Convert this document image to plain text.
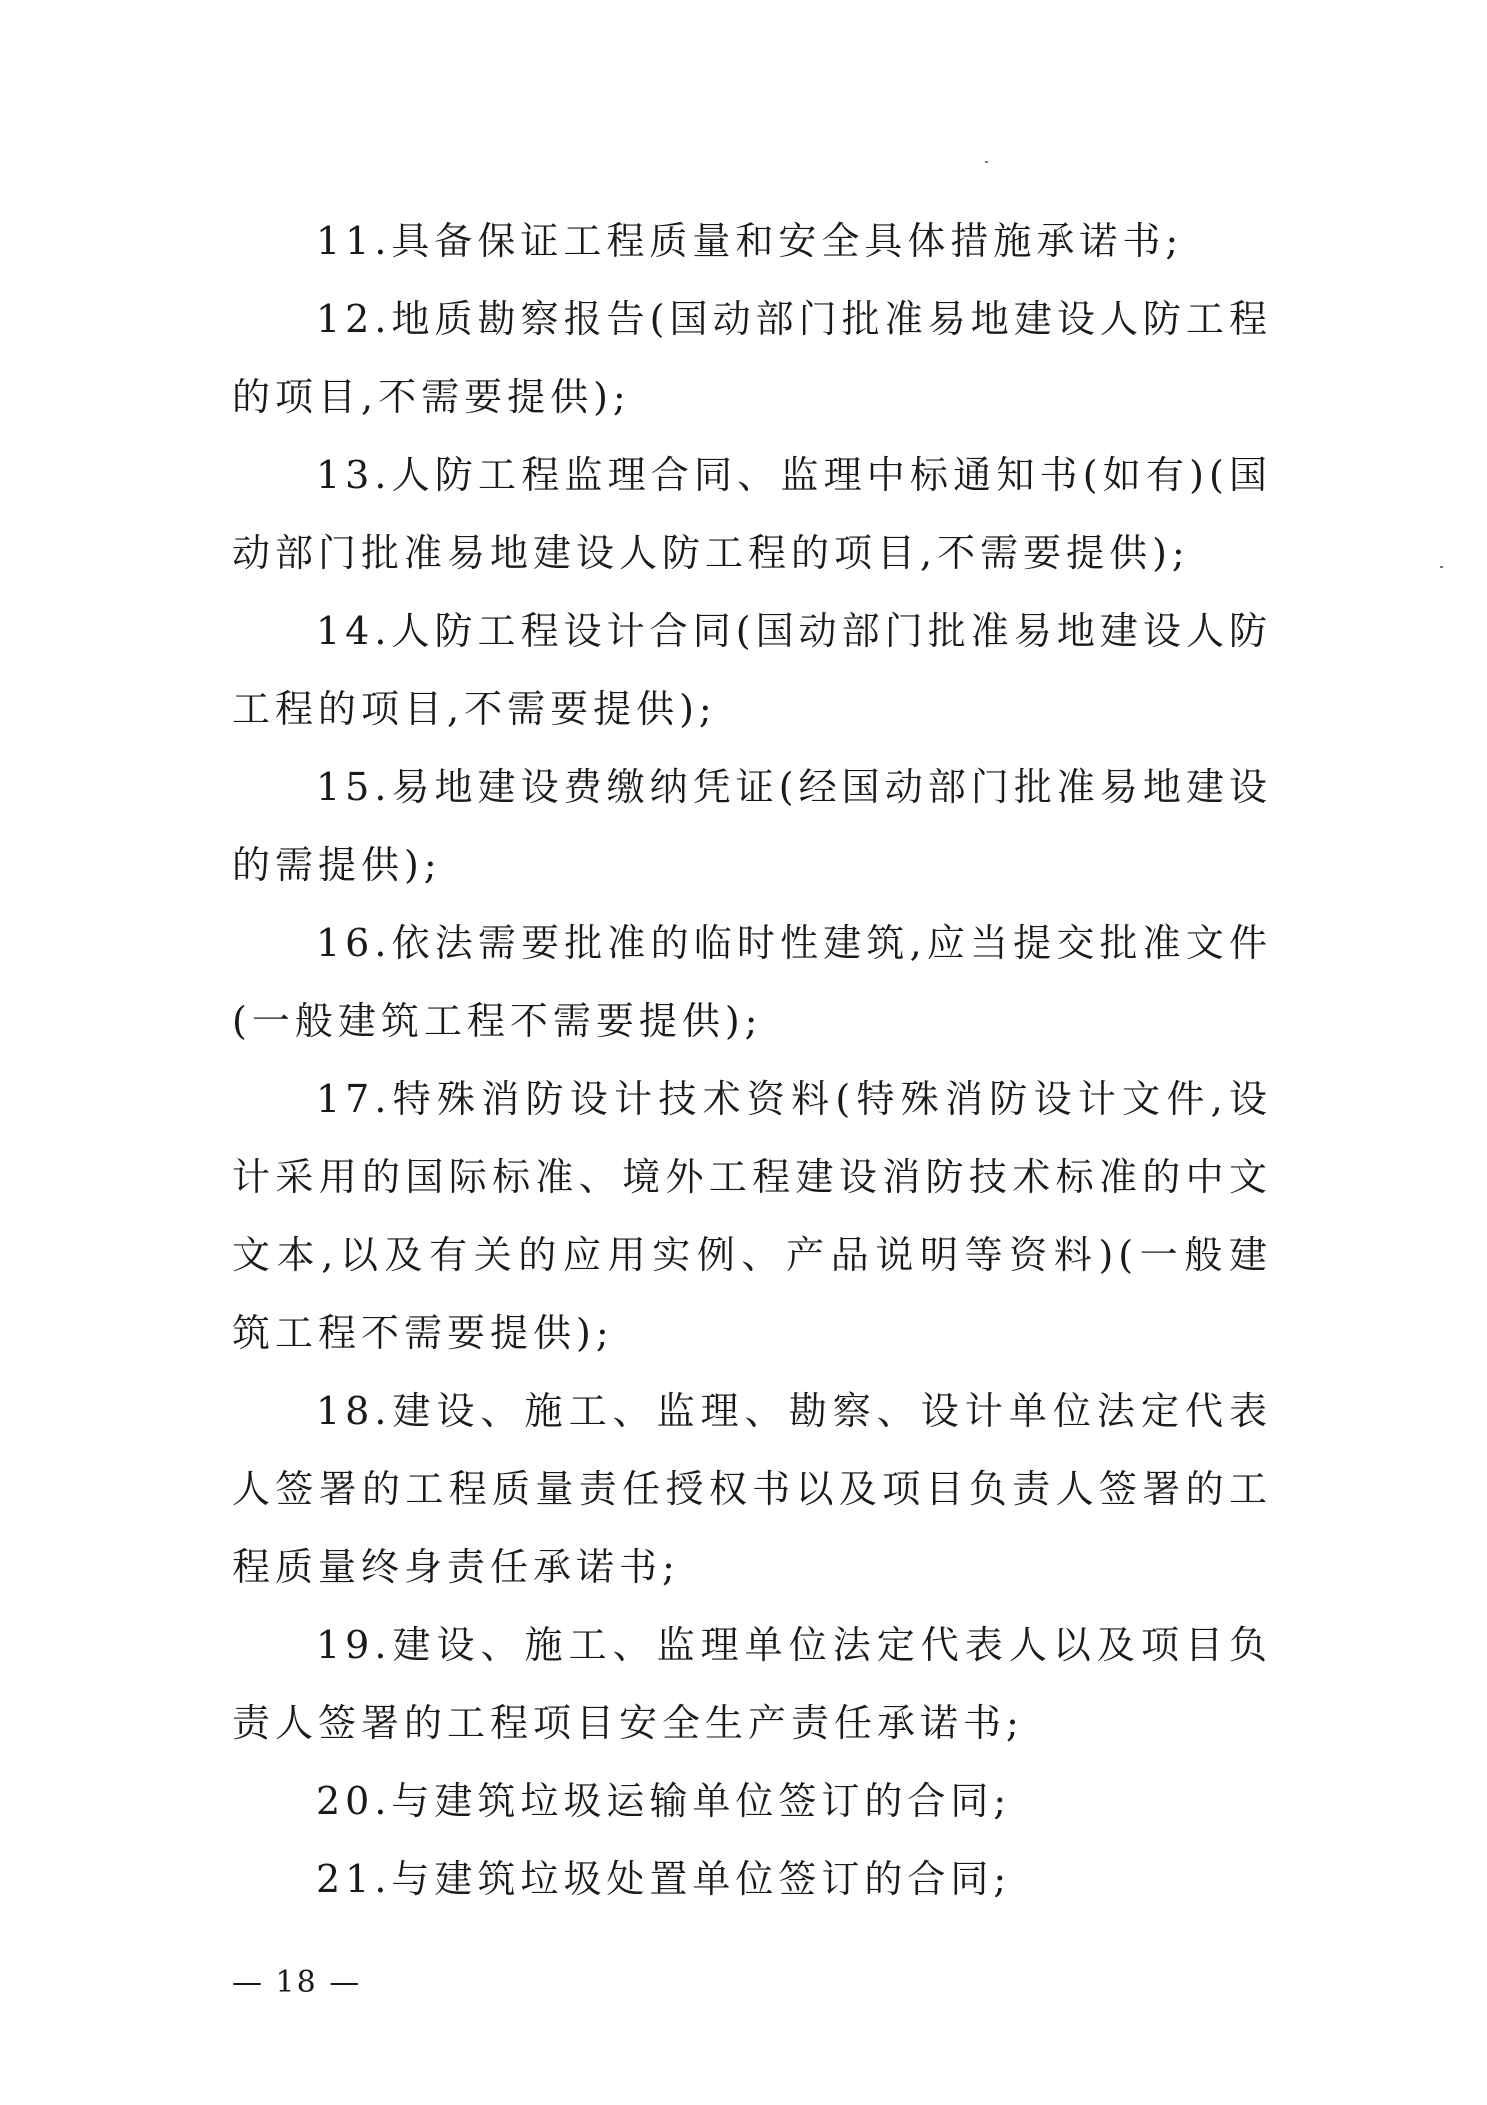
11.具备保证工程质量和安全具体措施承诺书;

12.地质勘察报告(国动部门批准易地建设人防工程的项目,不需要提供);

13.人防工程监理合同、监理中标通知书(如有)(国动部门批准易地建设人防工程的项目,不需要提供);

14.人防工程设计合同(国动部门批准易地建设人防工程的项目,不需要提供);

15.易地建设费缴纳凭证(经国动部门批准易地建设的需提供);

16.依法需要批准的临时性建筑,应当提交批准文件(一般建筑工程不需要提供);

17.特殊消防设计技术资料(特殊消防设计文件,设计采用的国际标准、境外工程建设消防技术标准的中文文本,以及有关的应用实例、产品说明等资料)(一般建筑工程不需要提供);

18.建设、施工、监理、勘察、设计单位法定代表人签署的工程质量责任授权书以及项目负责人签署的工程质量终身责任承诺书;

19.建设、施工、监理单位法定代表人以及项目负责人签署的工程项目安全生产责任承诺书;

20.与建筑垃圾运输单位签订的合同;

21.与建筑垃圾处置单位签订的合同;

— 18 —
